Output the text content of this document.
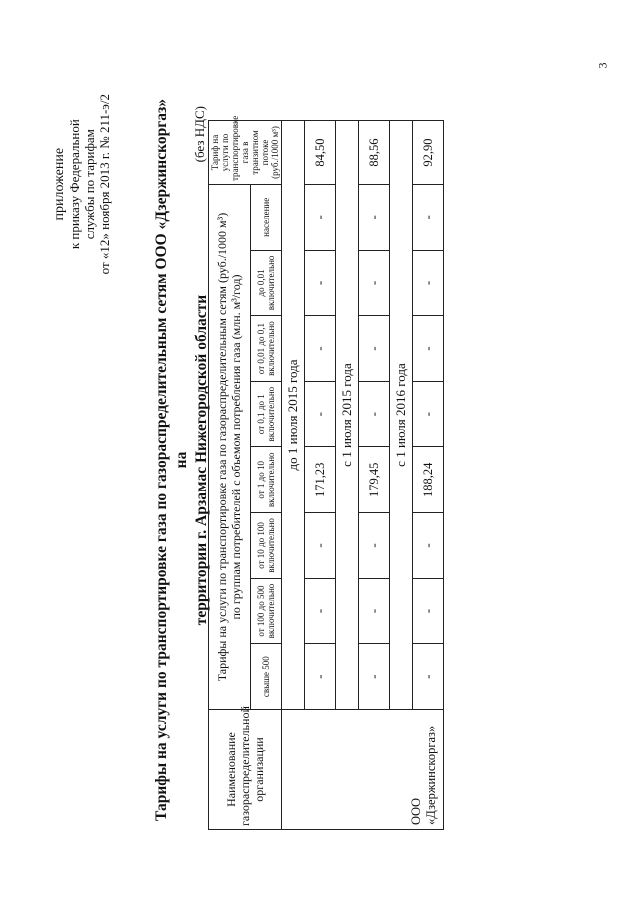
3
приложение к приказу Федеральной службы по тарифам от «12» ноября 2013 г. № 211-э/2	Тарифы на услуги по транспортировке газа по газораспределительным сетям ООО «Дзержинскоргаз» на территории г. Арзамас Нижегородской области
(без НДС)
Наименование газораспределительной организации	Тарифы на услуги по транспортировке газа по газораспределительным сетям (руб./1000 м³) по группам потребителей с объемом потребления газа (млн. м³/год)								Тариф на услуги по транспортировке газа в транзитном потоке (руб./1000 м³)
	свыше 500	от 100 до 500 включительно	от 10 до 100 включительно	от 1 до 10 включительно	от 0,1 до 1 включительно	от 0,01 до 0,1 включительно	до 0,01 включительно	население	
ООО «Дзержинскоргаз»	до 1 июля 2015 года								
	-	-	-	171,23	-	-	-	-	84,50
	с 1 июля 2015 года								
	-	-	-	179,45	-	-	-	-	88,56
	с 1 июля 2016 года								
	-	-	-	188,24	-	-	-	-	92,90
